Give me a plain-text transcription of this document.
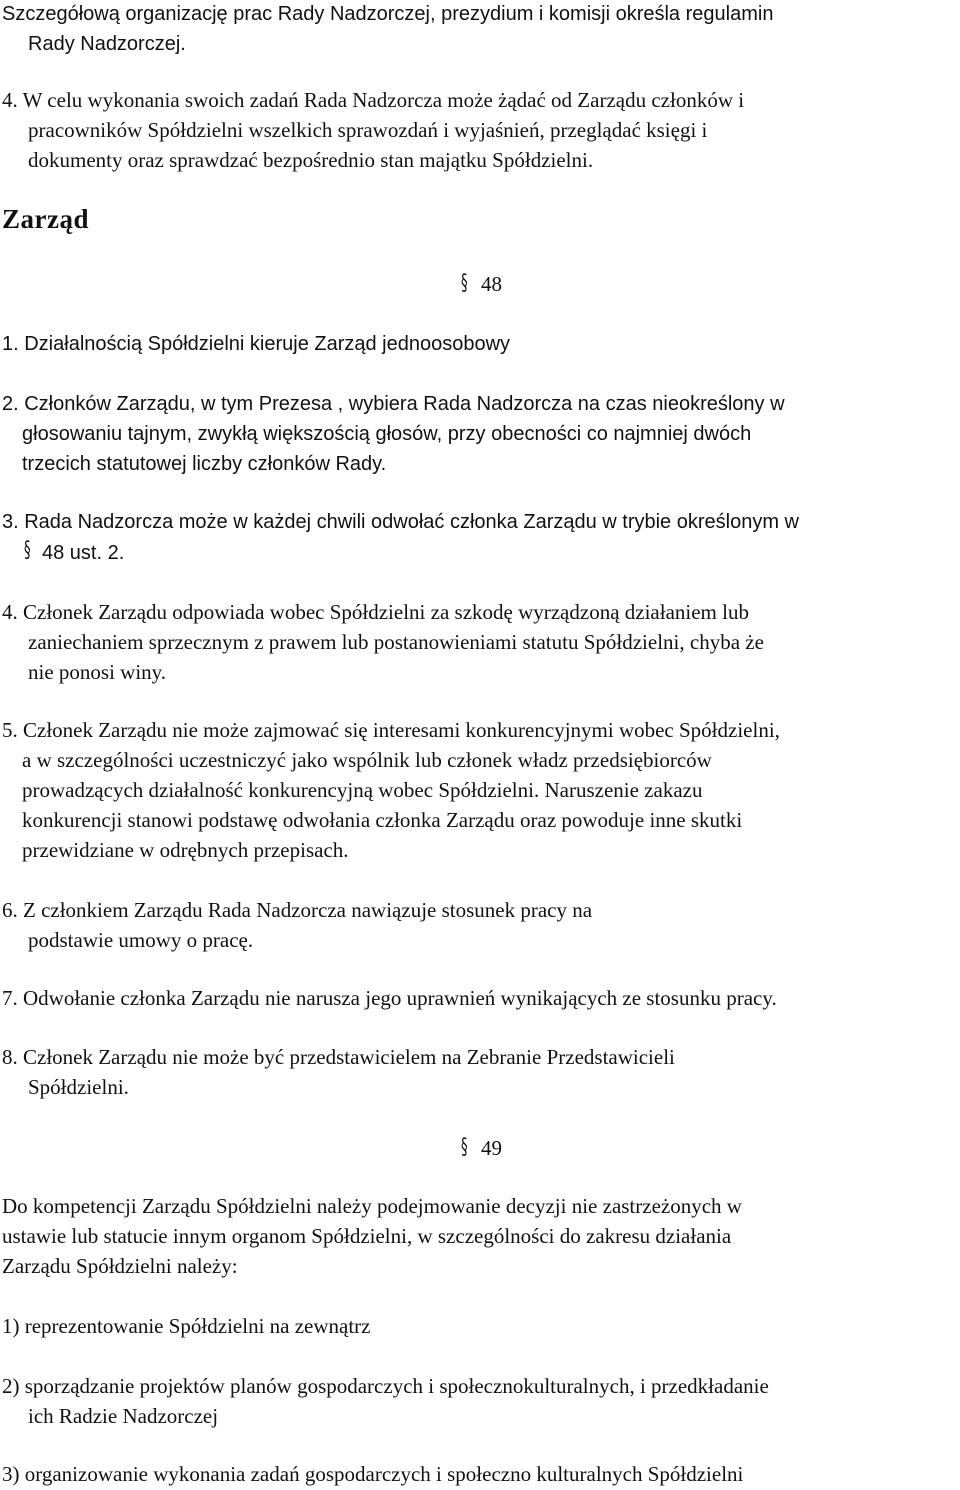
Szczegółową organizację prac Rady Nadzorczej, prezydium i komisji określa regulamin
Rady Nadzorczej.
4. W celu wykonania swoich zadań Rada Nadzorcza może żądać od Zarządu członków i
pracowników Spółdzielni wszelkich sprawozdań i wyjaśnień, przeglądać księgi i
dokumenty oraz sprawdzać bezpośrednio stan majątku Spółdzielni.
Zarząd
§ 48
1. Działalnością Spółdzielni kieruje Zarząd jednoosobowy
2. Członków Zarządu, w tym Prezesa , wybiera Rada Nadzorcza na czas nieokreślony w
głosowaniu tajnym, zwykłą większością głosów, przy obecności co najmniej dwóch
trzecich statutowej liczby członków Rady.
3. Rada Nadzorcza może w każdej chwili odwołać członka Zarządu w trybie określonym w
§ 48 ust. 2.
4. Członek Zarządu odpowiada wobec Spółdzielni za szkodę wyrządzoną działaniem lub
zaniechaniem sprzecznym z prawem lub postanowieniami statutu Spółdzielni, chyba że
nie ponosi winy.
5. Członek Zarządu nie może zajmować się interesami konkurencyjnymi wobec Spółdzielni,
a w szczególności uczestniczyć jako wspólnik lub członek władz przedsiębiorców
prowadzących działalność konkurencyjną wobec Spółdzielni. Naruszenie zakazu
konkurencji stanowi podstawę odwołania członka Zarządu oraz powoduje inne skutki
przewidziane w odrębnych przepisach.
6. Z członkiem Zarządu Rada Nadzorcza nawiązuje stosunek pracy na
podstawie umowy o pracę.
7. Odwołanie członka Zarządu nie narusza jego uprawnień wynikających ze stosunku pracy.
8. Członek Zarządu nie może być przedstawicielem na Zebranie Przedstawicieli
Spółdzielni.
§ 49
Do kompetencji Zarządu Spółdzielni należy podejmowanie decyzji nie zastrzeżonych w
ustawie lub statucie innym organom Spółdzielni, w szczególności do zakresu działania
Zarządu Spółdzielni należy:
1) reprezentowanie Spółdzielni na zewnątrz
2) sporządzanie projektów planów gospodarczych i społecznokulturalnych, i przedkładanie
ich Radzie Nadzorczej
3) organizowanie wykonania zadań gospodarczych i społeczno kulturalnych Spółdzielni
